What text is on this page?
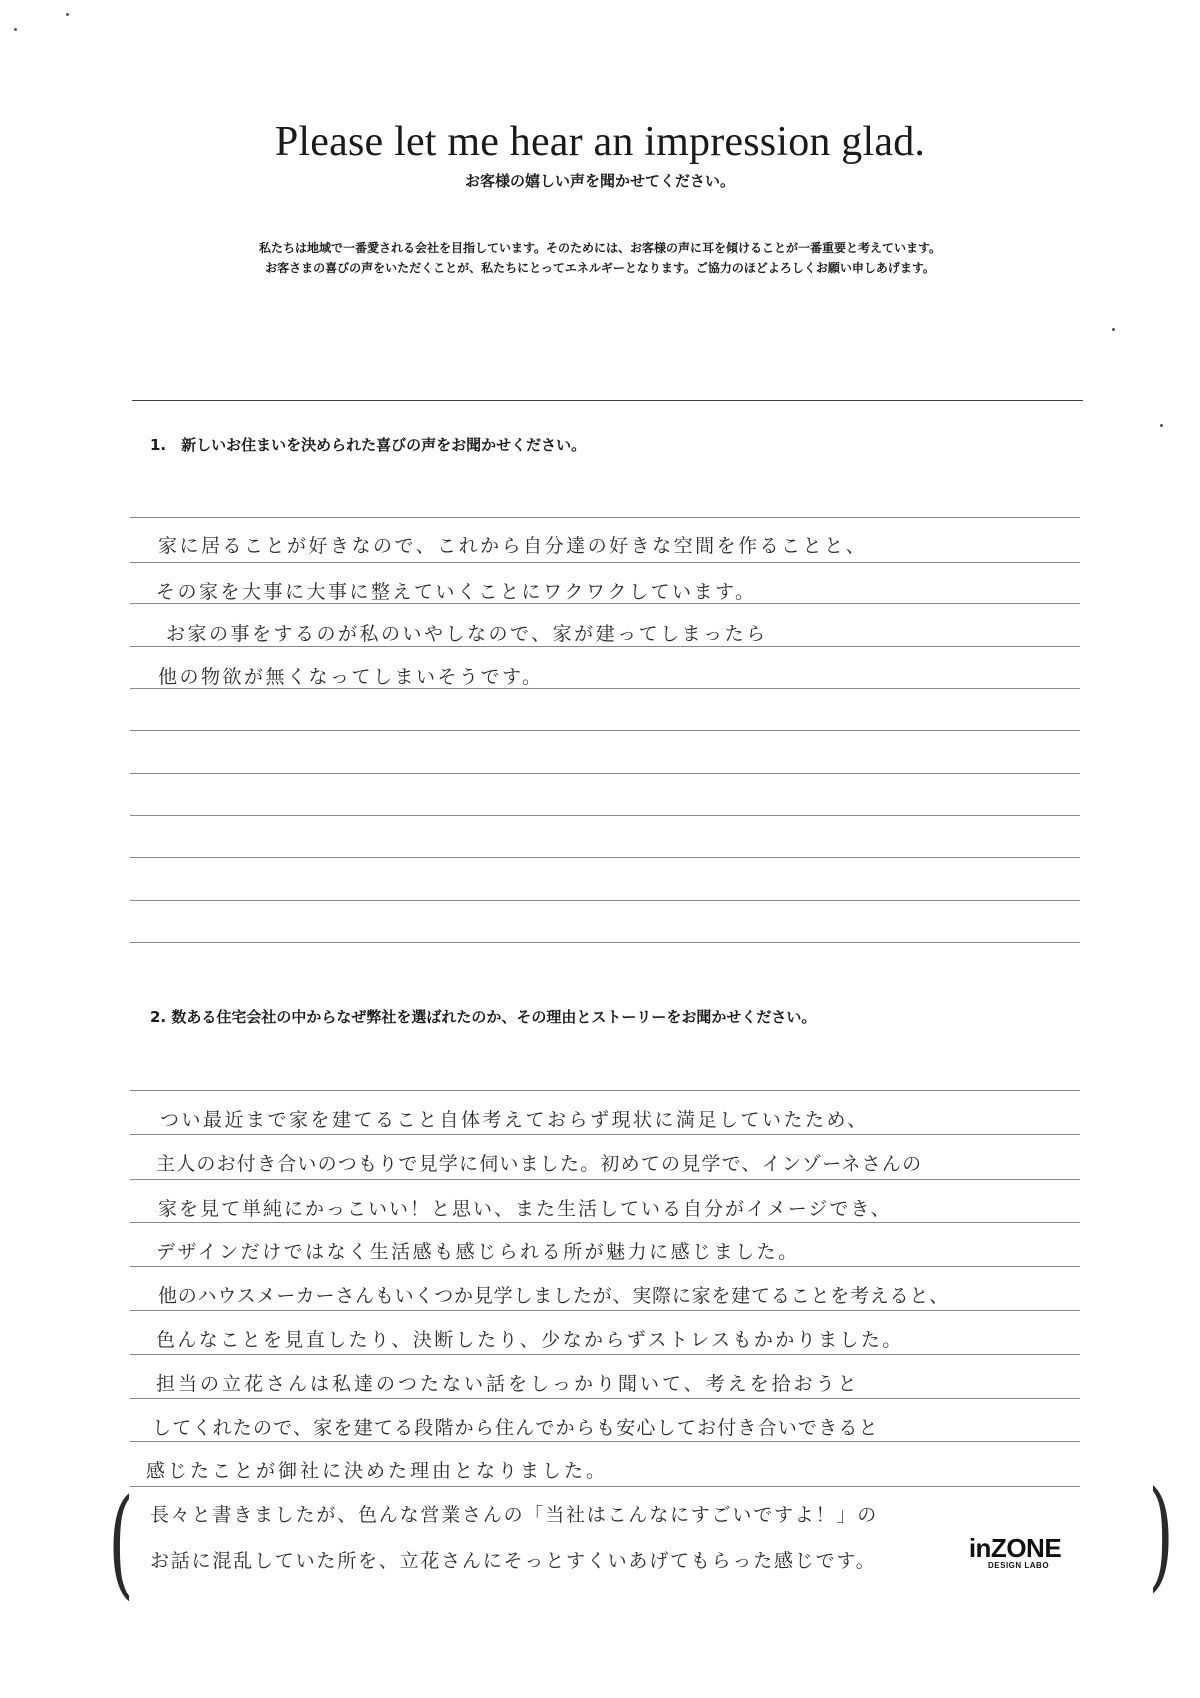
Please let me hear an impression glad.
お客様の嬉しい声を聞かせてください。
私たちは地域で一番愛される会社を目指しています。そのためには、お客様の声に耳を傾けることが一番重要と考えています。
お客さまの喜びの声をいただくことが、私たちにとってエネルギーとなります。ご協力のほどよろしくお願い申しあげます。
1.　新しいお住まいを決められた喜びの声をお聞かせください。
家に居ることが好きなので、これから自分達の好きな空間を作ることと、
その家を大事に大事に整えていくことにワクワクしています。
お家の事をするのが私のいやしなので、家が建ってしまったら
他の物欲が無くなってしまいそうです。
2. 数ある住宅会社の中からなぜ弊社を選ばれたのか、その理由とストーリーをお聞かせください。
つい最近まで家を建てること自体考えておらず現状に満足していたため、
主人のお付き合いのつもりで見学に伺いました。初めての見学で、インゾーネさんの
家を見て単純にかっこいい！と思い、また生活している自分がイメージでき、
デザインだけではなく生活感も感じられる所が魅力に感じました。
他のハウスメーカーさんもいくつか見学しましたが、実際に家を建てることを考えると、
色んなことを見直したり、決断したり、少なからずストレスもかかりました。
担当の立花さんは私達のつたない話をしっかり聞いて、考えを拾おうと
してくれたので、家を建てる段階から住んでからも安心してお付き合いできると
感じたことが御社に決めた理由となりました。
(	)
長々と書きましたが、色んな営業さんの「当社はこんなにすごいですよ！」の
お話に混乱していた所を、立花さんにそっとすくいあげてもらった感じです。	inZONE
DESIGN LABO
